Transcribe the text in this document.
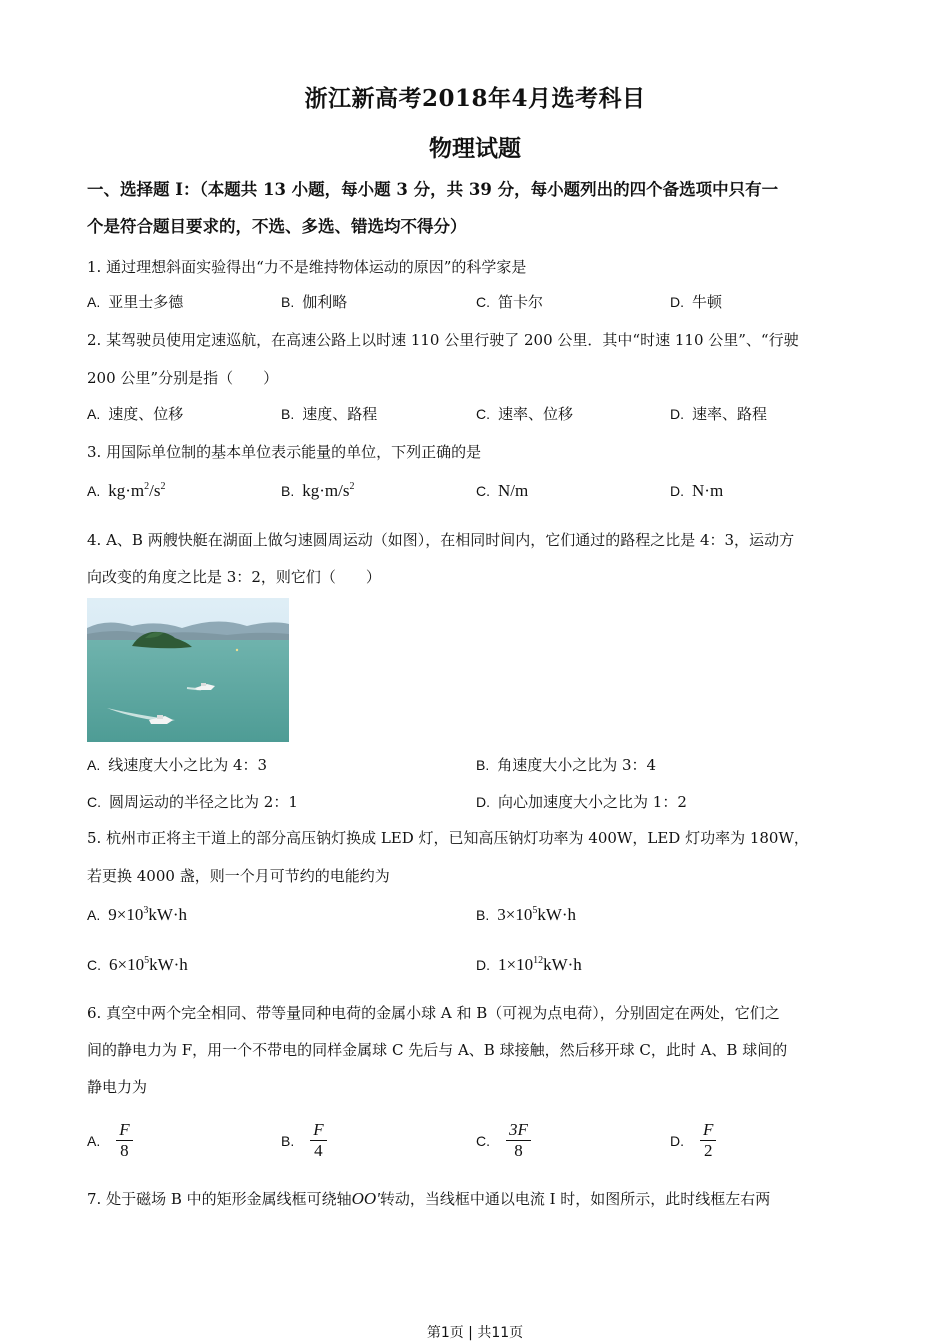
浙江新高考2018年4月选考科目
物理试题
一、选择题 I：（本题共 13 小题，每小题 3 分，共 39 分，每小题列出的四个备选项中只有一
个是符合题目要求的，不选、多选、错选均不得分）
1. 通过理想斜面实验得出“力不是维持物体运动的原因”的科学家是
A. 亚里士多德	B. 伽利略	C. 笛卡尔	D. 牛顿
2. 某驾驶员使用定速巡航，在高速公路上以时速 110 公里行驶了 200 公里．其中“时速 110 公里”、“行驶
200 公里”分别是指（　　）
A. 速度、位移	B. 速度、路程	C. 速率、位移	D. 速率、路程
3. 用国际单位制的基本单位表示能量的单位，下列正确的是
A. $kg\cdot m^2/s^2$	B. $kg\cdot m/s^2$	C. N/m	D. N·m
4. A、B 两艘快艇在湖面上做匀速圆周运动（如图），在相同时间内，它们通过的路程之比是 4：3，运动方
向改变的角度之比是 3：2，则它们（　　）
A. 线速度大小之比为 4：3	B. 角速度大小之比为 3：4
C. 圆周运动的半径之比为 2：1	D. 向心加速度大小之比为 1：2
5. 杭州市正将主干道上的部分高压钠灯换成 LED 灯，已知高压钠灯功率为 400W，LED 灯功率为 180W，
若更换 4000 盏，则一个月可节约的电能约为
A. $9\times 10^3kW\cdot h$	B. $3\times 10^5kW\cdot h$
C. $6\times 10^5kW\cdot h$	D. $1\times 10^{12}kW\cdot h$
6. 真空中两个完全相同、带等量同种电荷的金属小球 A 和 B（可视为点电荷），分别固定在两处，它们之
间的静电力为 F，用一个不带电的同样金属球 C 先后与 A、B 球接触，然后移开球 C，此时 A、B 球间的
静电力为
A. $\frac{F}{8}$	B. $\frac{F}{4}$	C. $\frac{3F}{8}$	D. $\frac{F}{2}$
7. 处于磁场 B 中的矩形金属线框可绕轴OO'转动，当线框中通以电流 I 时，如图所示，此时线框左右两
第1页 | 共11页
